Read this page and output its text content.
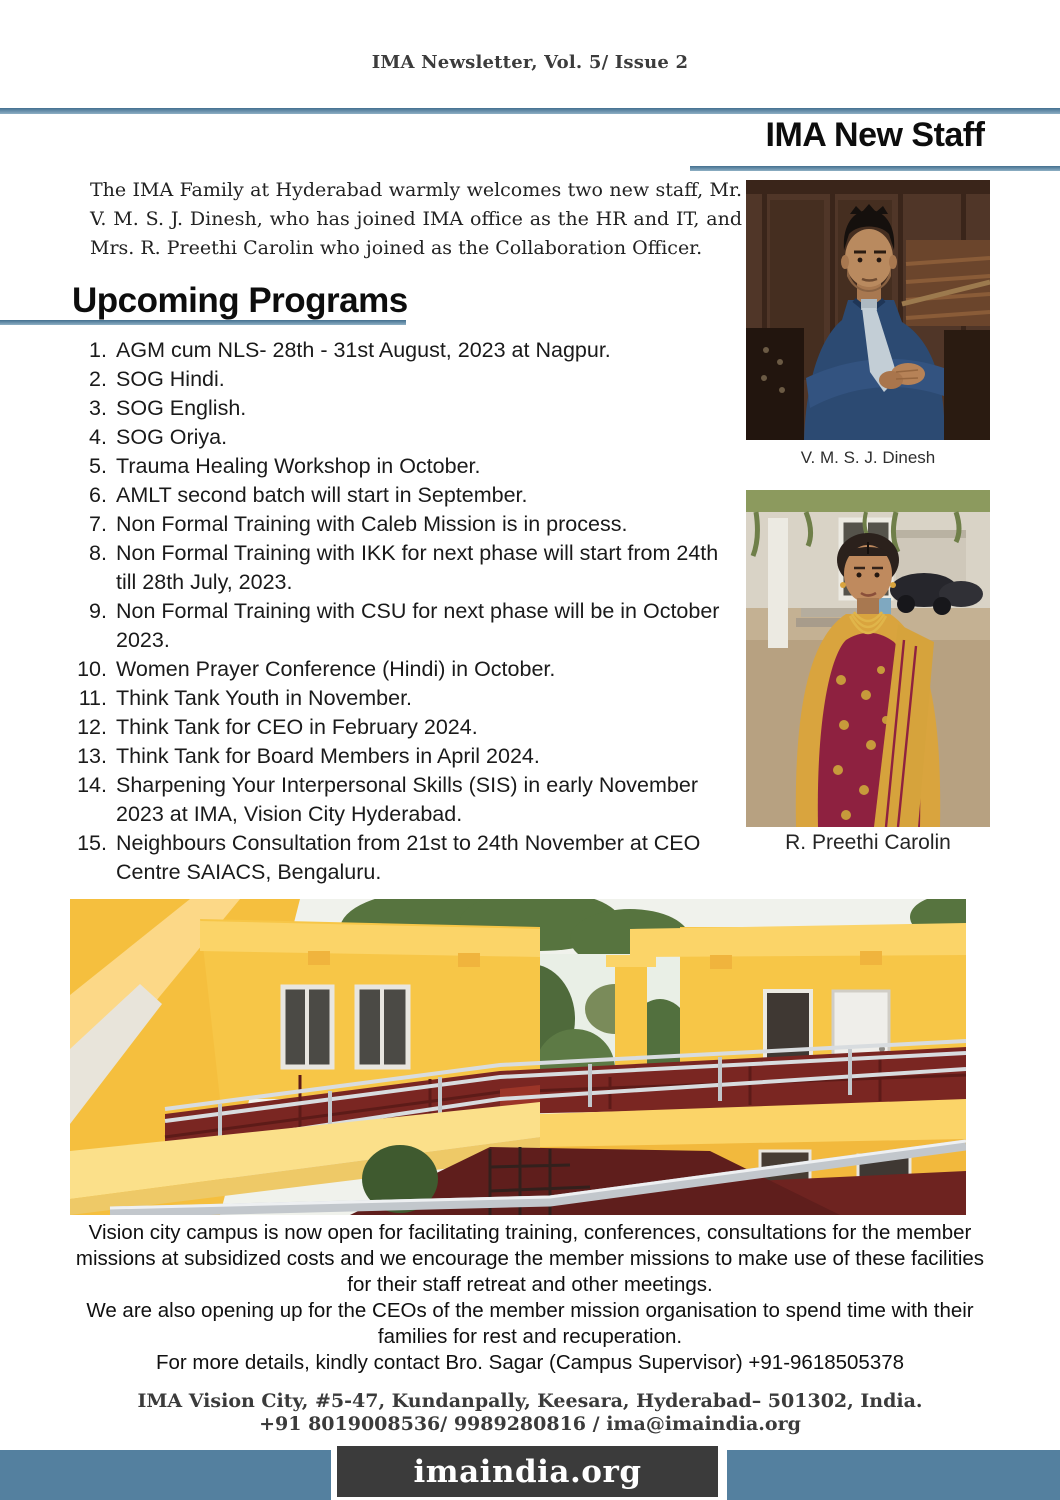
IMA Newsletter, Vol. 5/ Issue 2
IMA New Staff

The IMA Family at Hyderabad warmly welcomes two new staff, Mr. V. M. S. J. Dinesh, who has joined IMA office as the HR and IT, and Mrs. R. Preethi Carolin who joined as the Collaboration Officer.

V. M. S. J. Dinesh
Upcoming Programs
AGM cum NLS- 28th - 31st August, 2023 at Nagpur.
SOG Hindi.
SOG English.
SOG Oriya.
Trauma Healing Workshop in October.
AMLT second batch will start in September.
Non Formal Training with Caleb Mission is in process.
Non Formal Training with IKK for next phase will start from 24th till 28th July, 2023.
Non Formal Training with CSU for next phase will be in October 2023.
Women Prayer Conference (Hindi) in October.
Think Tank Youth in November.
Think Tank for CEO in February 2024.
Think Tank for Board Members in April 2024.
Sharpening Your Interpersonal Skills (SIS) in early November 2023 at IMA, Vision City Hyderabad.
Neighbours Consultation from 21st to 24th November at CEO Centre SAIACS, Bengaluru.
R. Preethi Carolin

Vision city campus is now open for facilitating training, conferences, consultations for the member missions at subsidized costs and we encourage the member missions to make use of these facilities for their staff retreat and other meetings.

We are also opening up for the CEOs of the member mission organisation to spend time with their families for rest and recuperation.

For more details, kindly contact Bro. Sagar (Campus Supervisor) +91-9618505378

IMA Vision City, #5-47, Kundanpally, Keesara, Hyderabad– 501302, India.
+91 8019008536/ 9989280816 / ima@imaindia.org
imaindia.org
